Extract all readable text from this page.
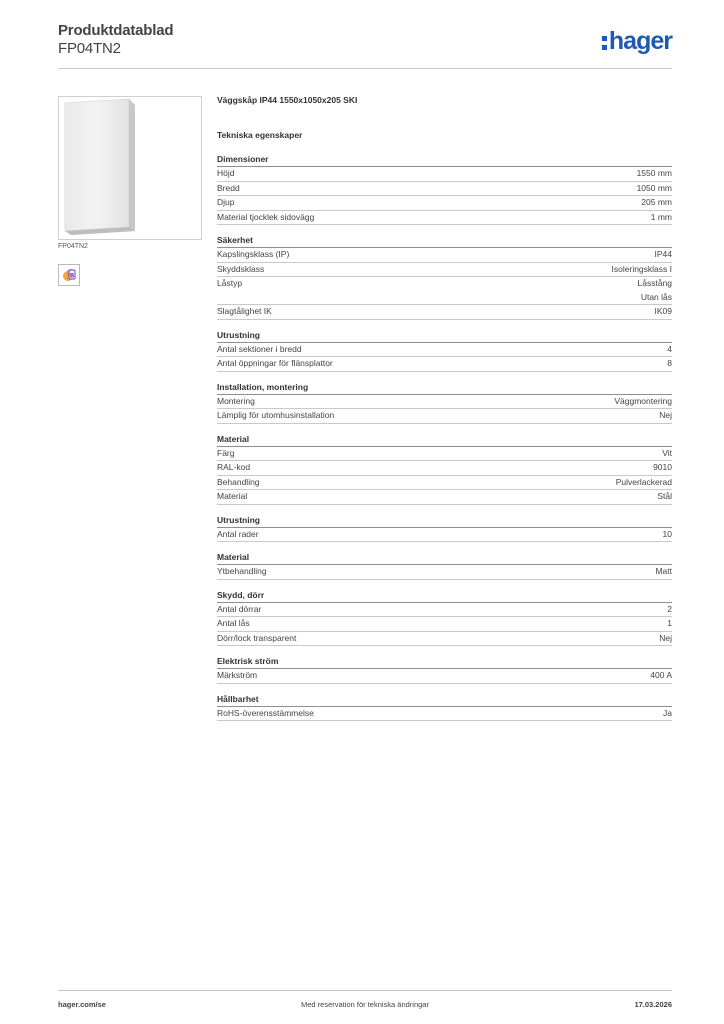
Produktdatablad
FP04TN2	hager
FP04TN2
B
Väggskåp IP44 1550x1050x205 SKI
Tekniska egenskaper
Dimensioner
Höjd	1550 mm
Bredd	1050 mm
Djup	205 mm
Material tjocklek sidovägg	1 mm
Säkerhet
Kapslingsklass (IP)	IP44
Skyddsklass	Isoleringsklass I
Låstyp	Låsstång
Utan lås
Slagtålighet IK	IK09
Utrustning
Antal sektioner i bredd	4
Antal öppningar för flänsplattor	8
Installation, montering
Montering	Väggmontering
Lämplig för utomhusinstallation	Nej
Material
Färg	Vit
RAL-kod	9010
Behandling	Pulverlackerad
Material	Stål
Utrustning
Antal rader	10
Material
Ytbehandling	Matt
Skydd, dörr
Antal dörrar	2
Antal lås	1
Dörr/lock transparent	Nej
Elektrisk ström
Märkström	400 A
Hållbarhet
RoHS-överensstämmelse	Ja
hager.com/se	Med reservation för tekniska ändringar	17.03.2026
